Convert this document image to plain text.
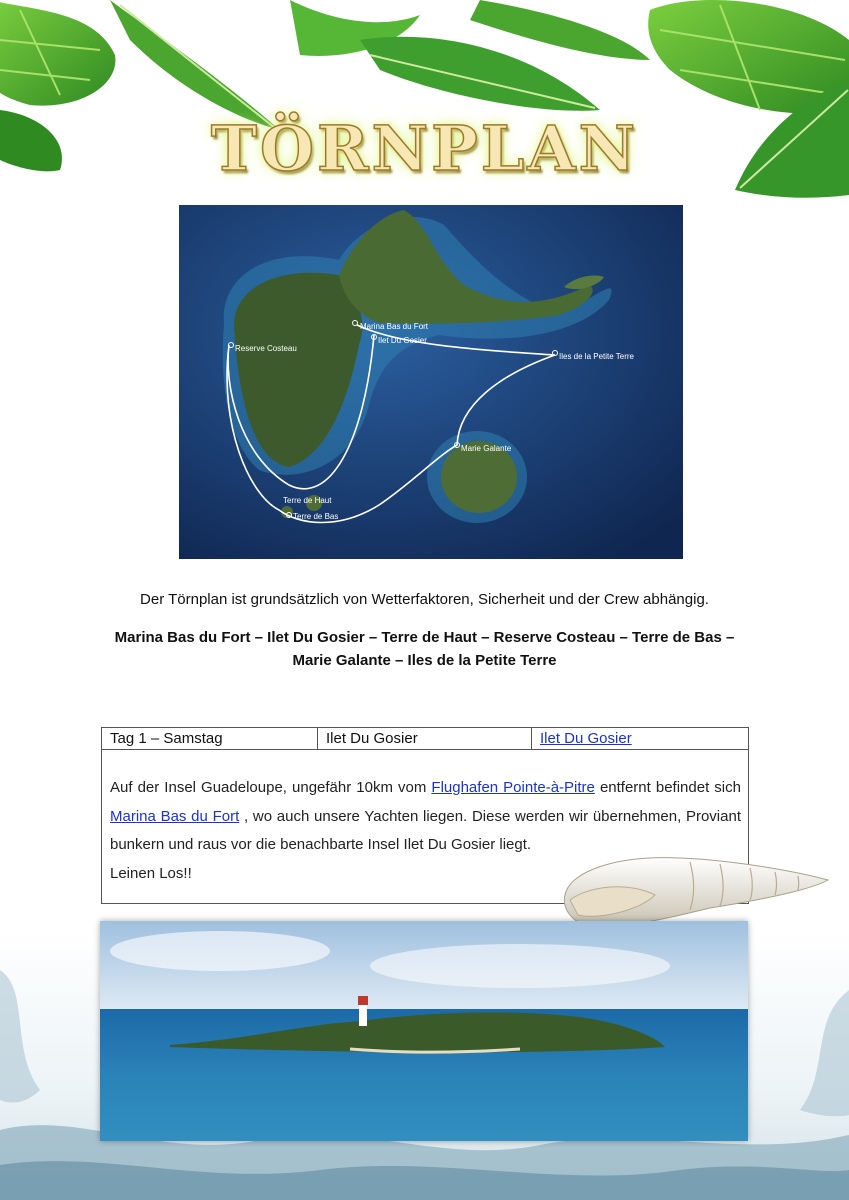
TÖRNPLAN
Marina Bas du Fort
Ilet Du Gosier
Iles de la Petite Terre
Reserve Costeau
Marie Galante
Terre de Haut
Terre de Bas
Der Törnplan ist grundsätzlich von Wetterfaktoren, Sicherheit und der Crew abhängig.
Marina Bas du Fort – Ilet Du Gosier – Terre de Haut – Reserve Costeau – Terre de Bas –
Marie Galante – Iles de la Petite Terre
Tag 1 – Samstag	Ilet Du Gosier	Ilet Du Gosier
Auf der Insel Guadeloupe, ungefähr 10km vom Flughafen Pointe-à-Pitre entfernt befindet sich Marina Bas du Fort , wo auch unsere Yachten liegen. Diese werden wir übernehmen, Proviant bunkern und raus vor die benachbarte Insel Ilet Du Gosier liegt.
Leinen Los!!
